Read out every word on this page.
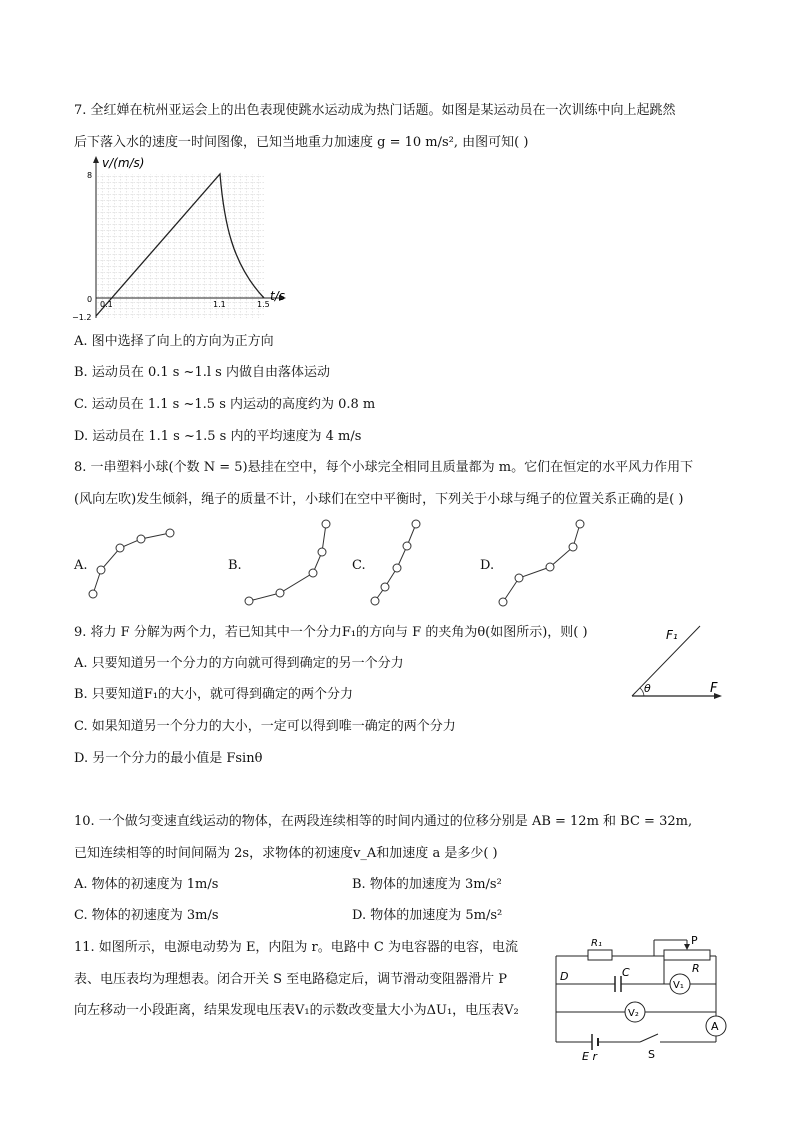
7. 全红婵在杭州亚运会上的出色表现使跳水运动成为热门话题。如图是某运动员在一次训练中向上起跳然
后下落入水的速度一时间图像，已知当地重力加速度 g = 10 m/s², 由图可知( )
v/(m/s)
t/s
8
0
−1.2
0.1	1.1	1.5
A. 图中选择了向上的方向为正方向
B. 运动员在 0.1 s ~1.l s 内做自由落体运动
C. 运动员在 1.1 s ~1.5 s 内运动的高度约为 0.8 m
D. 运动员在 1.1 s ~1.5 s 内的平均速度为 4 m/s
8. 一串塑料小球(个数 N = 5)悬挂在空中，每个小球完全相同且质量都为 m。它们在恒定的水平风力作用下
(风向左吹)发生倾斜，绳子的质量不计，小球们在空中平衡时，下列关于小球与绳子的位置关系正确的是( )
A.	B.	C.	D.
9. 将力 F 分解为两个力，若已知其中一个分力F₁的方向与 F 的夹角为θ(如图所示)，则( )
A. 只要知道另一个分力的方向就可得到确定的另一个分力
B. 只要知道F₁的大小，就可得到确定的两个分力
C. 如果知道另一个分力的大小，一定可以得到唯一确定的两个分力
D. 另一个分力的最小值是 Fsinθ
F₁
F
θ
10. 一个做匀变速直线运动的物体，在两段连续相等的时间内通过的位移分别是 AB = 12m 和 BC = 32m,
已知连续相等的时间间隔为 2s，求物体的初速度v_A和加速度 a 是多少( )
A. 物体的初速度为 1m/s	B. 物体的加速度为 3m/s²
C. 物体的初速度为 3m/s	D. 物体的加速度为 5m/s²
11. 如图所示，电源电动势为 E，内阻为 r。电路中 C 为电容器的电容，电流
表、电压表均为理想表。闭合开关 S 至电路稳定后，调节滑动变阻器滑片 P
向左移动一小段距离，结果发现电压表V₁的示数改变量大小为ΔU₁，电压表V₂
P
R₁
R
V₁
D	C
V₂
A
E r	S
